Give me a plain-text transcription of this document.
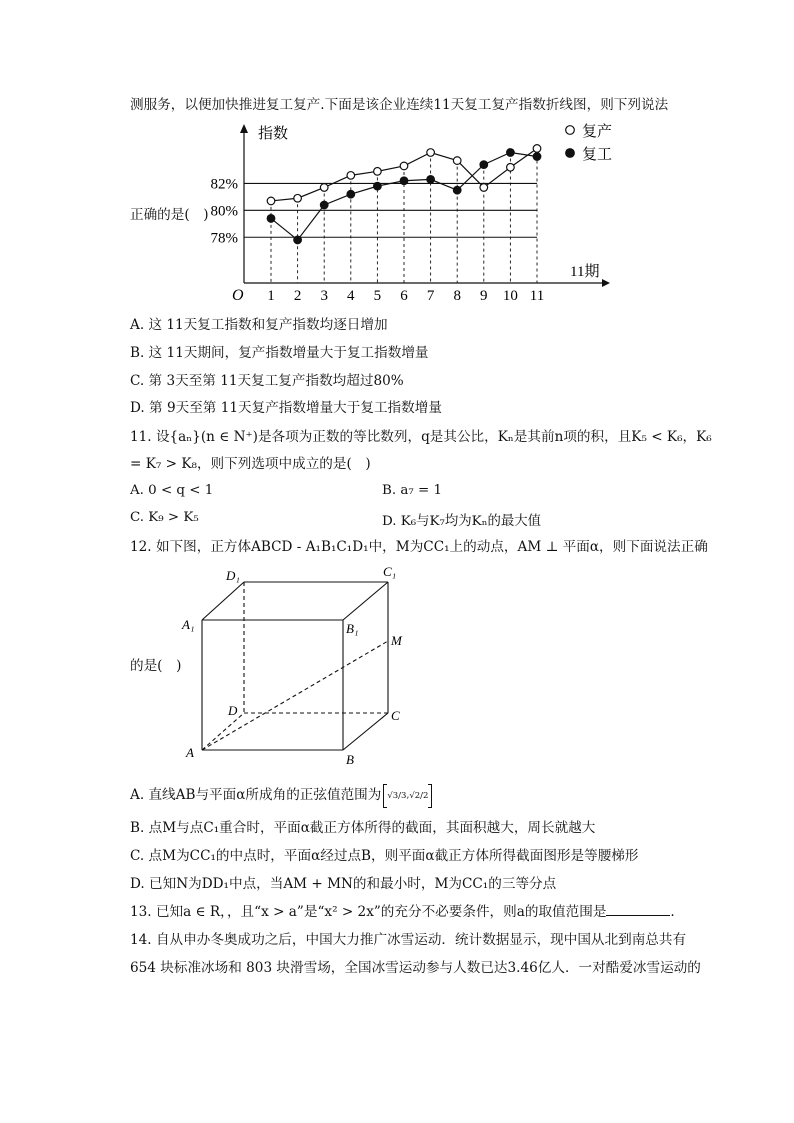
测服务，以便加快推进复工复产.下面是该企业连续11天复工复产指数折线图，则下列说法
78%
80%
82%
1 2 3 4 5 6 7 8 9 10 11
O
指数
11期
复产
复工
正确的是(　)
A. 这 11天复工指数和复产指数均逐日增加
B. 这 11天期间，复产指数增量大于复工指数增量
C. 第 3天至第 11天复工复产指数均超过80%
D. 第 9天至第 11天复产指数增量大于复工指数增量
11. 设{aₙ}(n ∈ N⁺)是各项为正数的等比数列，q是其公比，Kₙ是其前n项的积，且K₅ < K₆，K₆
= K₇ > K₈，则下列选项中成立的是(　)
A. 0 < q < 1	B. a₇ = 1
C. K₉ > K₅	D. K₆与K₇均为Kₙ的最大值
12. 如下图，正方体ABCD - A₁B₁C₁D₁中，M为CC₁上的动点，AM ⊥ 平面α，则下面说法正确
的是(　)
D₁	C₁
A₁	B₁
M
D	C
A	B
A. 直线AB与平面α所成角的正弦值范围为 √3/3 , √2/2
B. 点M与点C₁重合时，平面α截正方体所得的截面，其面积越大，周长就越大
C. 点M为CC₁的中点时，平面α经过点B，则平面α截正方体所得截面图形是等腰梯形
D. 已知N为DD₁中点，当AM + MN的和最小时，M为CC₁的三等分点
13. 已知a ∈ R，，且“x > a”是“x² > 2x”的充分不必要条件，则a的取值范围是	.
14. 自从申办冬奥成功之后，中国大力推广冰雪运动．统计数据显示，现中国从北到南总共有
654 块标准冰场和 803 块滑雪场，全国冰雪运动参与人数已达3.46亿人．一对酷爱冰雪运动的
